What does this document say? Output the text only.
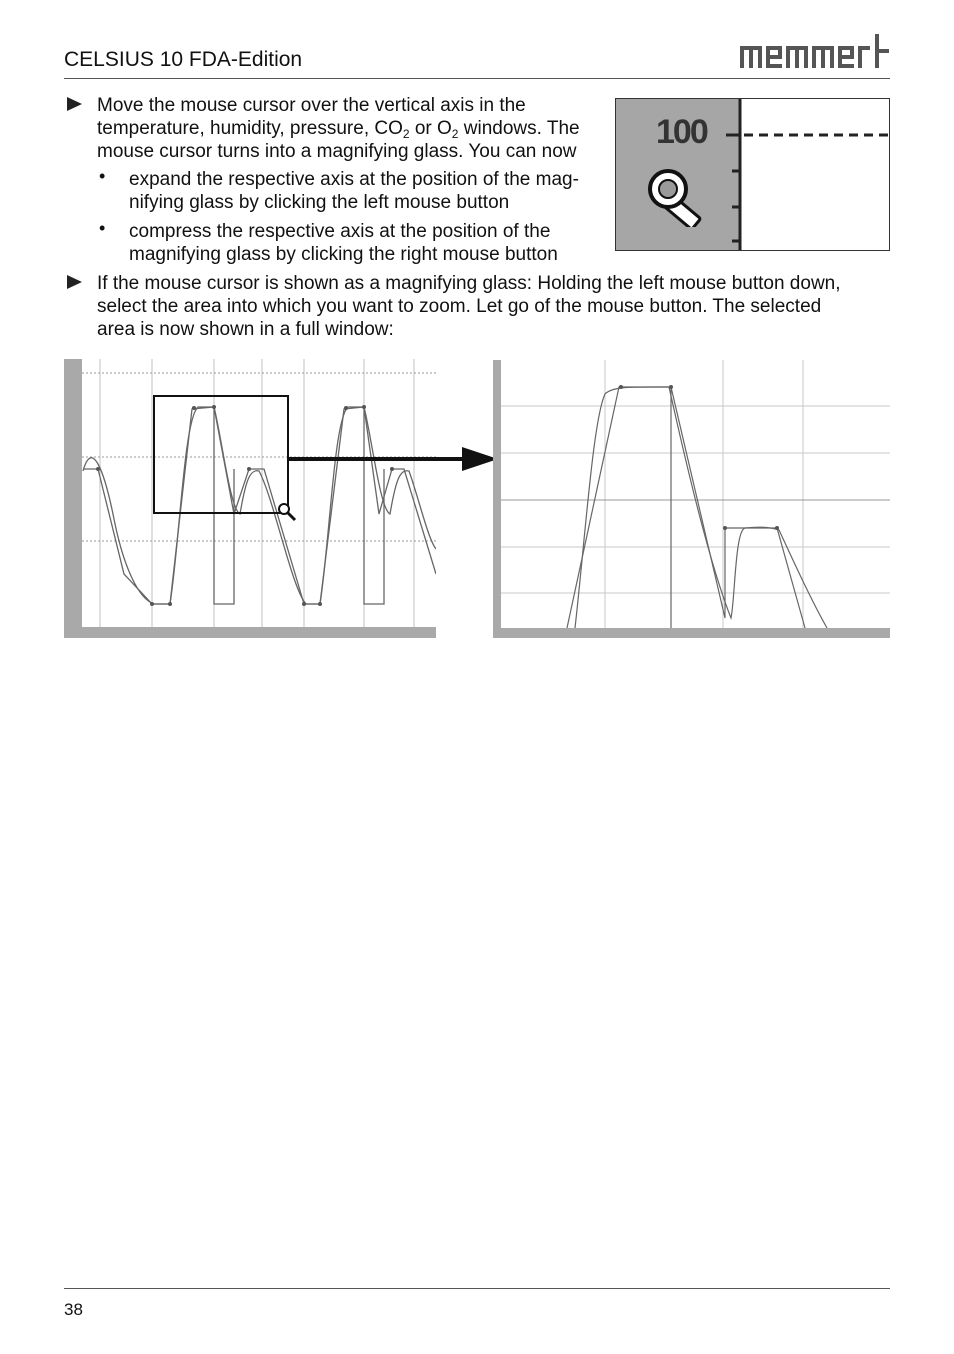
CELSIUS 10 FDA-Edition
Move the mouse cursor over the vertical axis in the
temperature, humidity, pressure, $CO_2$ or $O_2$ windows. The
mouse cursor turns into a magnifying glass. You can now
• expand the respective axis at the position of the mag-
nifying glass by clicking the left mouse button
• compress the respective axis at the position of the
magnifying glass by clicking the right mouse button
If the mouse cursor is shown as a magnifying glass: Holding the left mouse button down,
select the area into which you want to zoom. Let go of the mouse button. The selected
area is now shown in a full window:
100
38
